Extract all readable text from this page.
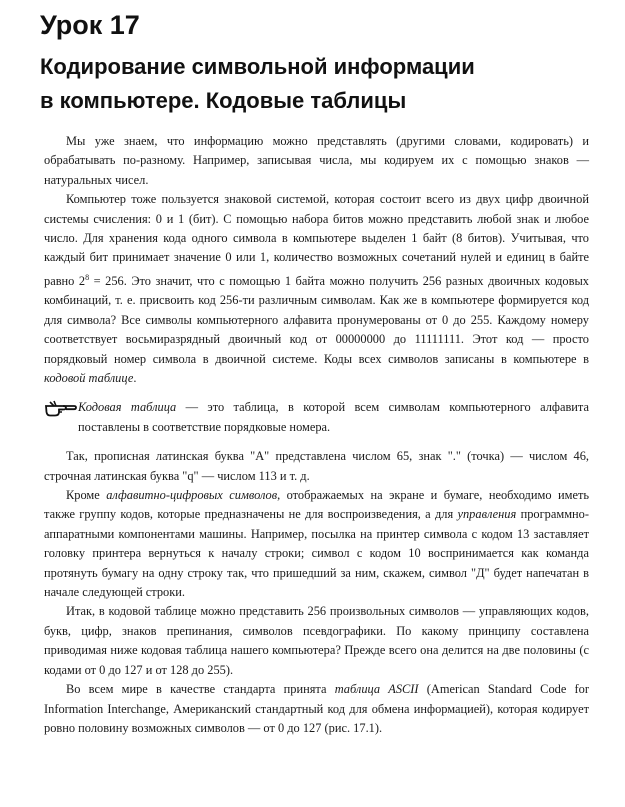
Урок 17
Кодирование символьной информации
в компьютере. Кодовые таблицы

Мы уже знаем, что информацию можно представлять (другими словами, кодировать) и обрабатывать по-разному. Например, записывая числа, мы кодируем их с помощью знаков — натуральных чисел.

Компьютер тоже пользуется знаковой системой, которая состоит всего из двух цифр двоичной системы счисления: 0 и 1 (бит). С помощью набора битов можно представить любой знак и любое число. Для хранения кода одного символа в компьютере выделен 1 байт (8 битов). Учитывая, что каждый бит принимает значение 0 или 1, количество возможных сочетаний нулей и единиц в байте равно $2^8 = 256$. Это значит, что с помощью 1 байта можно получить 256 разных двоичных кодовых комбинаций, т. е. присвоить код 256-ти различным символам. Как же в компьютере формируется код для символа? Все символы компьютерного алфавита пронумерованы от 0 до 255. Каждому номеру соответствует восьмиразрядный двоичный код от 00000000 до 11111111. Этот код — просто порядковый номер символа в двоичной системе. Коды всех символов записаны в компьютере в кодовой таблице.

Кодовая таблица — это таблица, в которой всем символам компьютерного алфавита поставлены в соответствие порядковые номера.

Так, прописная латинская буква "А" представлена числом 65, знак "." (точка) — числом 46, строчная латинская буква "q" — числом 113 и т. д.

Кроме алфавитно-цифровых символов, отображаемых на экране и бумаге, необходимо иметь также группу кодов, которые предназначены не для воспроизведения, а для управления программно-аппаратными компонентами машины. Например, посылка на принтер символа с кодом 13 заставляет головку принтера вернуться к началу строки; символ с кодом 10 воспринимается как команда протянуть бумагу на одну строку так, что пришедший за ним, скажем, символ "Д" будет напечатан в начале следующей строки.

Итак, в кодовой таблице можно представить 256 произвольных символов — управляющих кодов, букв, цифр, знаков препинания, символов псевдографики. По какому принципу составлена приводимая ниже кодовая таблица нашего компьютера? Прежде всего она делится на две половины (с кодами от 0 до 127 и от 128 до 255).

Во всем мире в качестве стандарта принята таблица ASCII (American Standard Code for Information Interchange, Американский стандартный код для обмена информацией), которая кодирует ровно половину возможных символов — от 0 до 127 (рис. 17.1).
